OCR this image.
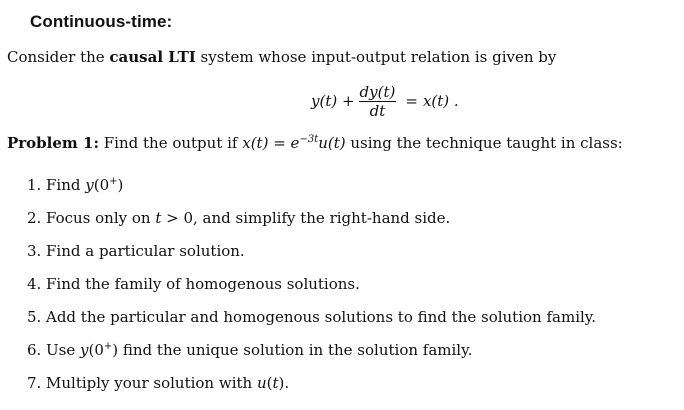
Continuous-time:
Consider the causal LTI system whose input-output relation is given by
$y(t) + \frac{dy(t)}{dt} = x(t)$ .
Problem 1: Find the output if $x(t) = e^{-3t}u(t)$ using the technique taught in class:
1. Find y(0+)
2. Focus only on t > 0, and simplify the right-hand side.
3. Find a particular solution.
4. Find the family of homogenous solutions.
5. Add the particular and homogenous solutions to find the solution family.
6. Use y(0+) find the unique solution in the solution family.
7. Multiply your solution with u(t).
